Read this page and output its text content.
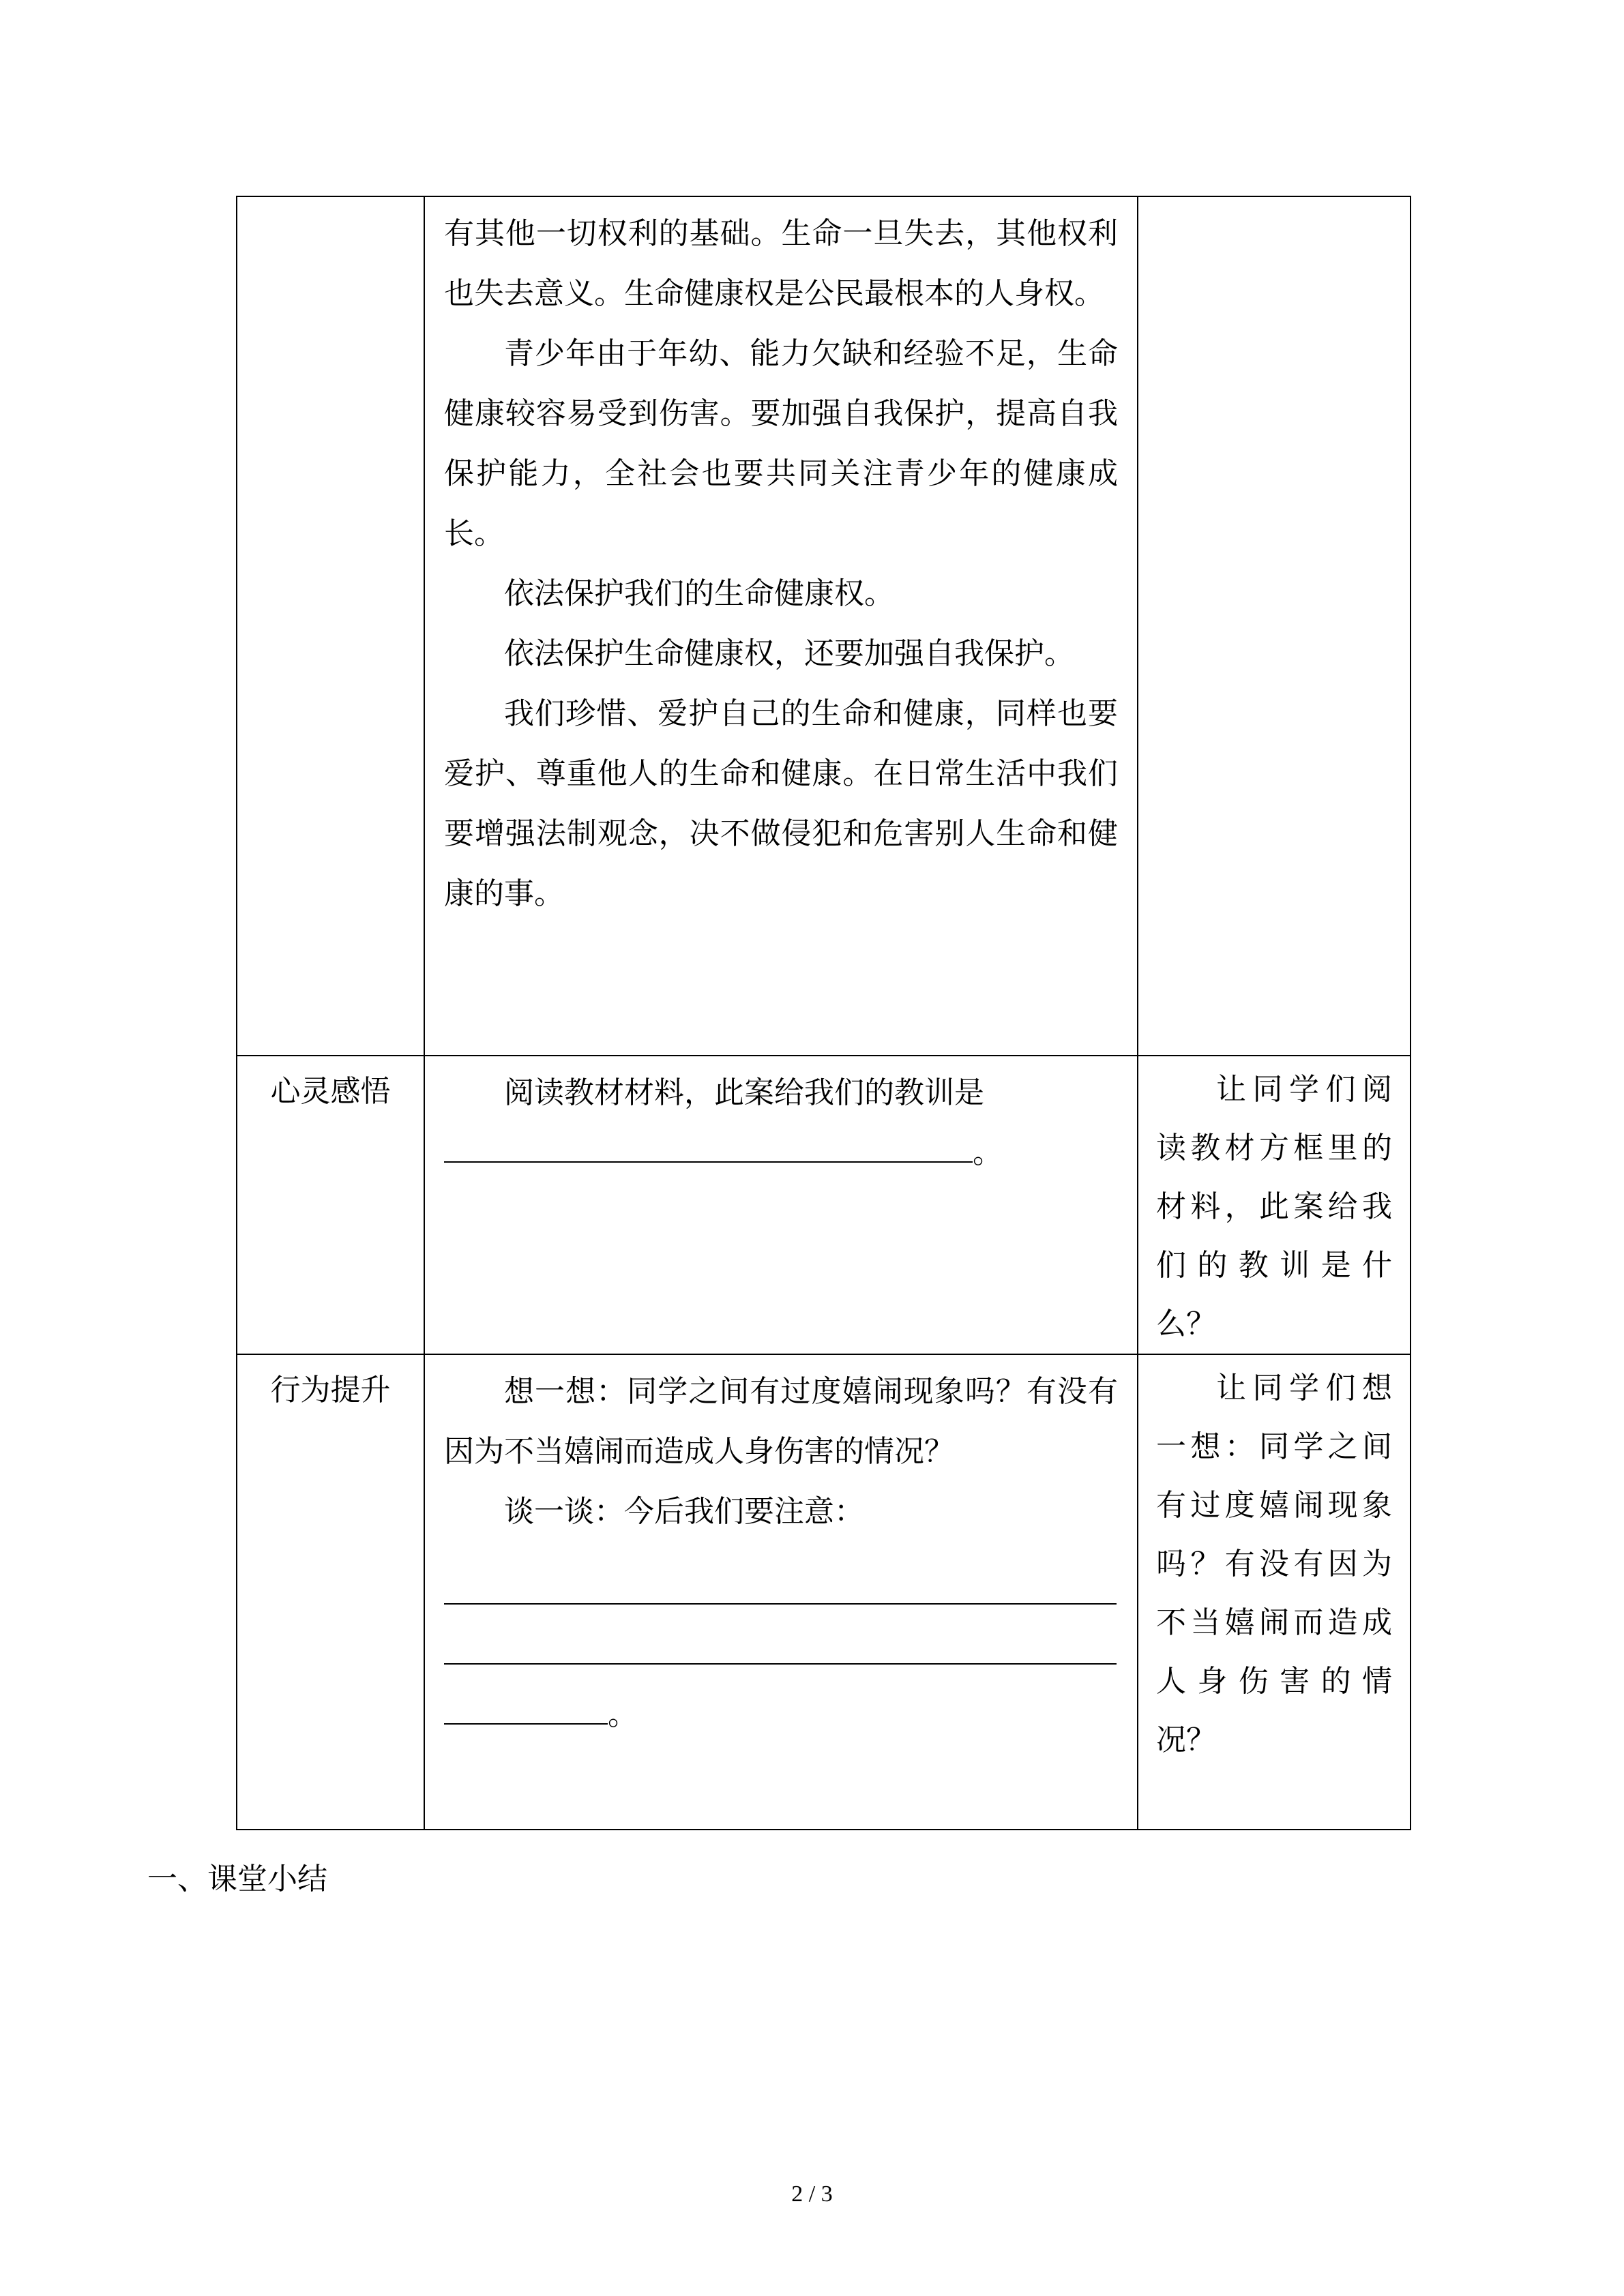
	有其他一切权利的基础。生命一旦失去，其他权利也失去意义。生命健康权是公民最根本的人身权。

青少年由于年幼、能力欠缺和经验不足，生命健康较容易受到伤害。要加强自我保护，提高自我保护能力，全社会也要共同关注青少年的健康成长。

依法保护我们的生命健康权。

依法保护生命健康权，还要加强自我保护。

我们珍惜、爱护自己的生命和健康，同样也要爱护、尊重他人的生命和健康。在日常生活中我们要增强法制观念，决不做侵犯和危害别人生命和健康的事。	

心灵感悟	阅读教材材料，此案给我们的教训是

。	让同学们阅读教材方框里的材料，此案给我们的教训是什么？

行为提升	想一想：同学之间有过度嬉闹现象吗？有没有因为不当嬉闹而造成人身伤害的情况？

谈一谈：今后我们要注意：

。	让同学们想一想：同学之间有过度嬉闹现象吗？有没有因为不当嬉闹而造成人身伤害的情况？

一、课堂小结
2 / 3
